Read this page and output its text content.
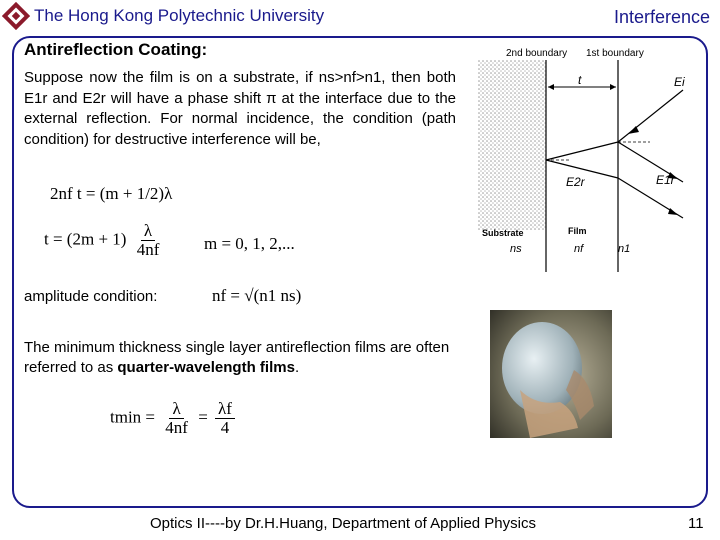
The Hong Kong Polytechnic University	Interference
Antireflection Coating:
Suppose now the film is on a substrate, if ns>nf>n1, then both E1r and E2r will have a phase shift π at the interface due to the external reflection. For normal incidence, the condition (path condition) for destructive interference will be,
2nf t = (m + 1/2)λ
$t = (2m + 1) \frac{\lambda}{4nf}$ m = 0, 1, 2,...
amplitude condition:	nf = √(n1 ns)
The minimum thickness single layer antireflection films are often referred to as quarter-wavelength films.
$tmin = \frac{\lambda}{4nf} = \frac{\lambda f}{4}$
2nd boundary 1st boundary
t	Ei
E1r
E2r
Substrate	Film
ns	nf	n1
Optics II----by Dr.H.Huang, Department of Applied Physics	11
